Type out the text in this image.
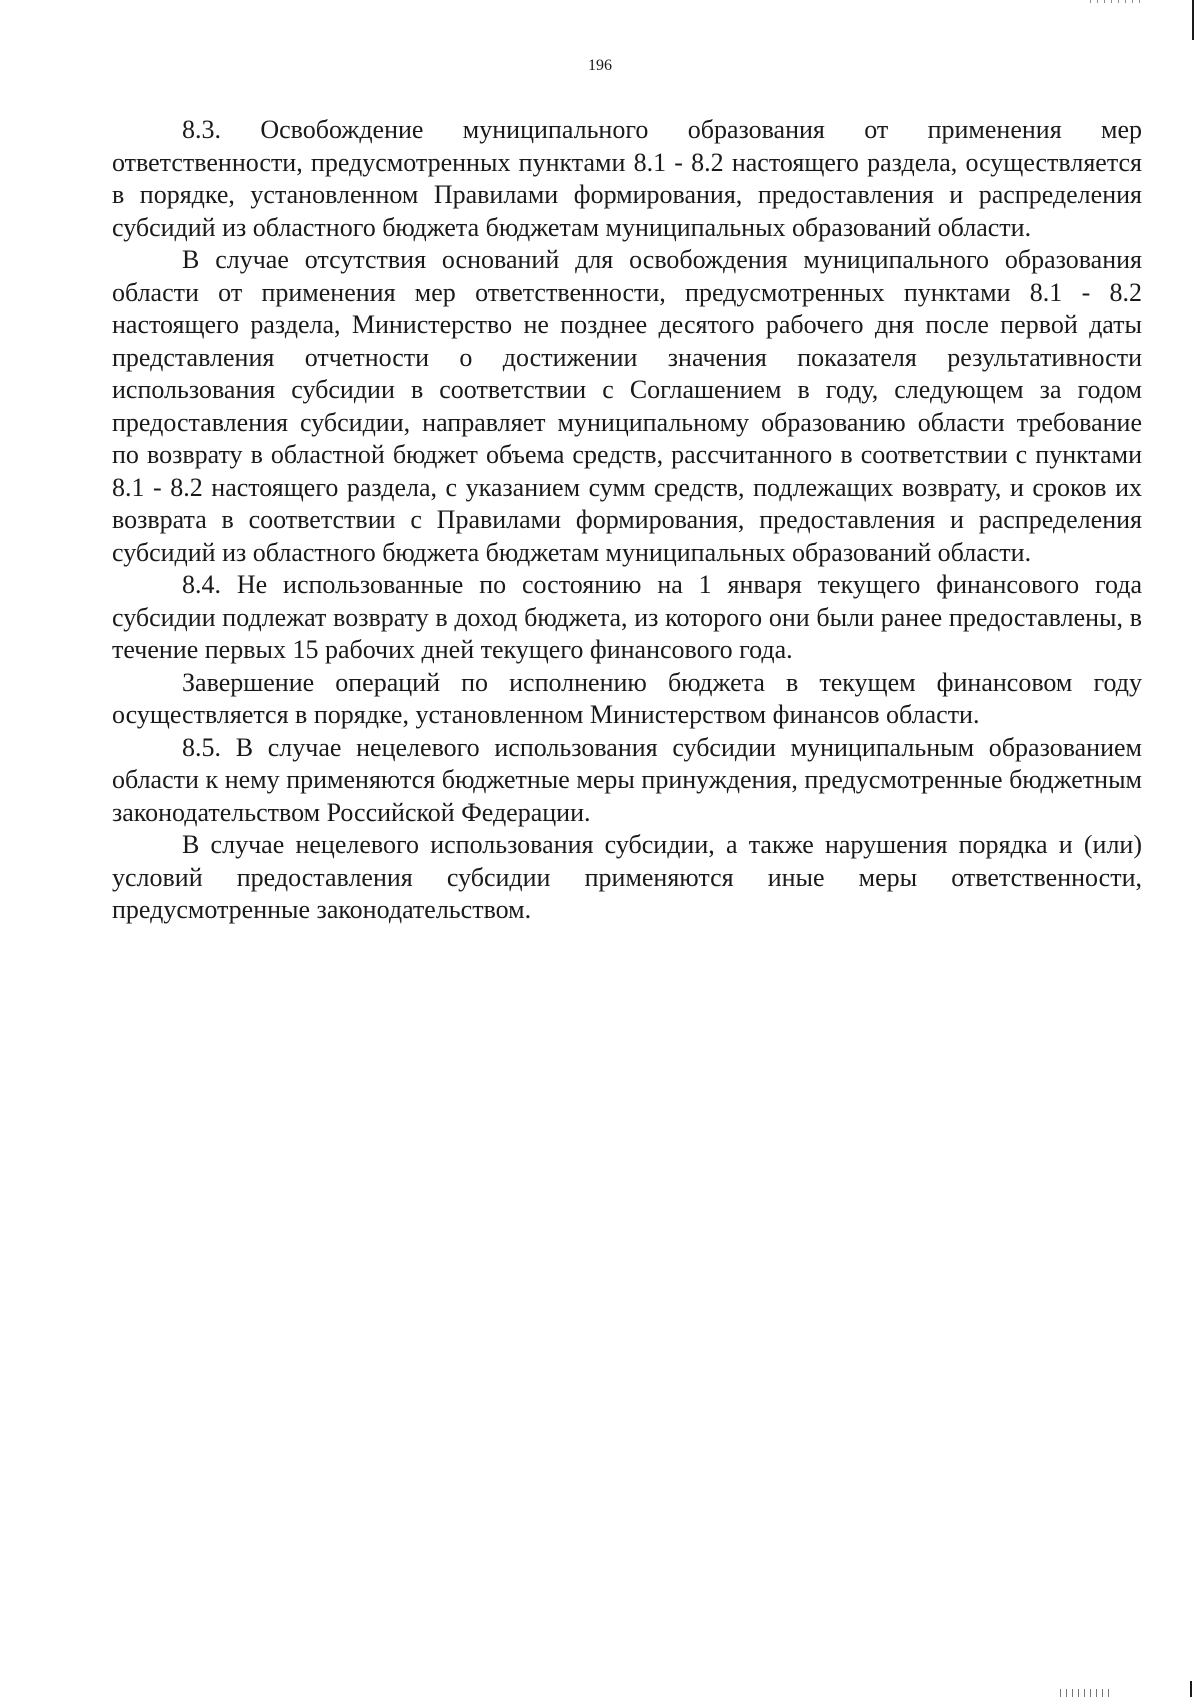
196

8.3. Освобождение муниципального образования от применения мер ответственности, предусмотренных пунктами 8.1 - 8.2 настоящего раздела, осуществляется в порядке, установленном Правилами формирования, предоставления и распределения субсидий из областного бюджета бюджетам муниципальных образований области.

В случае отсутствия оснований для освобождения муниципального образования области от применения мер ответственности, предусмотренных пунктами 8.1 - 8.2 настоящего раздела, Министерство не позднее десятого рабочего дня после первой даты представления отчетности о достижении значения показателя результативности использования субсидии в соответствии с Соглашением в году, следующем за годом предоставления субсидии, направляет муниципальному образованию области требование по возврату в областной бюджет объема средств, рассчитанного в соответствии с пунктами 8.1 - 8.2 настоящего раздела, с указанием сумм средств, подлежащих возврату, и сроков их возврата в соответствии с Правилами формирования, предоставления и распределения субсидий из областного бюджета бюджетам муниципальных образований области.

8.4. Не использованные по состоянию на 1 января текущего финансового года субсидии подлежат возврату в доход бюджета, из которого они были ранее предоставлены, в течение первых 15 рабочих дней текущего финансового года.

Завершение операций по исполнению бюджета в текущем финансовом году осуществляется в порядке, установленном Министерством финансов области.

8.5. В случае нецелевого использования субсидии муниципальным образованием области к нему применяются бюджетные меры принуждения, предусмотренные бюджетным законодательством Российской Федерации.

В случае нецелевого использования субсидии, а также нарушения порядка и (или) условий предоставления субсидии применяются иные меры ответственности, предусмотренные законодательством.
